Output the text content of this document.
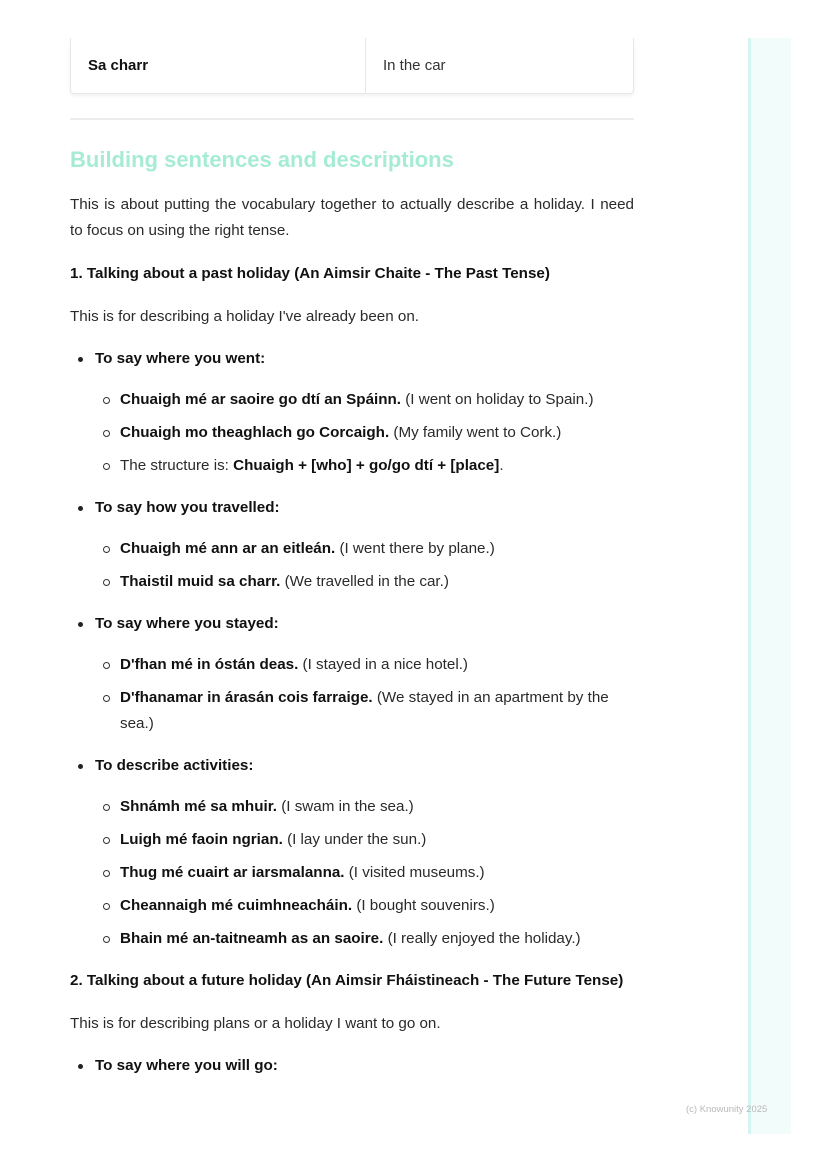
(c) Knowunity 2025
Sa charr	In the car
Building sentences and descriptions

This is about putting the vocabulary together to actually describe a holiday. I need to focus on using the right tense.

1. Talking about a past holiday (An Aimsir Chaite - The Past Tense)

This is for describing a holiday I've already been on.

To say where you went:
Chuaigh mé ar saoire go dtí an Spáinn. (I went on holiday to Spain.)
Chuaigh mo theaghlach go Corcaigh. (My family went to Cork.)
The structure is: Chuaigh + [who] + go/go dtí + [place].
To say how you travelled:
Chuaigh mé ann ar an eitleán. (I went there by plane.)
Thaistil muid sa charr. (We travelled in the car.)
To say where you stayed:
D'fhan mé in óstán deas. (I stayed in a nice hotel.)
D'fhanamar in árasán cois farraige. (We stayed in an apartment by the sea.)
To describe activities:
Shnámh mé sa mhuir. (I swam in the sea.)
Luigh mé faoin ngrian. (I lay under the sun.)
Thug mé cuairt ar iarsmalanna. (I visited museums.)
Cheannaigh mé cuimhneacháin. (I bought souvenirs.)
Bhain mé an-taitneamh as an saoire. (I really enjoyed the holiday.)

2. Talking about a future holiday (An Aimsir Fháistineach - The Future Tense)

This is for describing plans or a holiday I want to go on.

To say where you will go:
